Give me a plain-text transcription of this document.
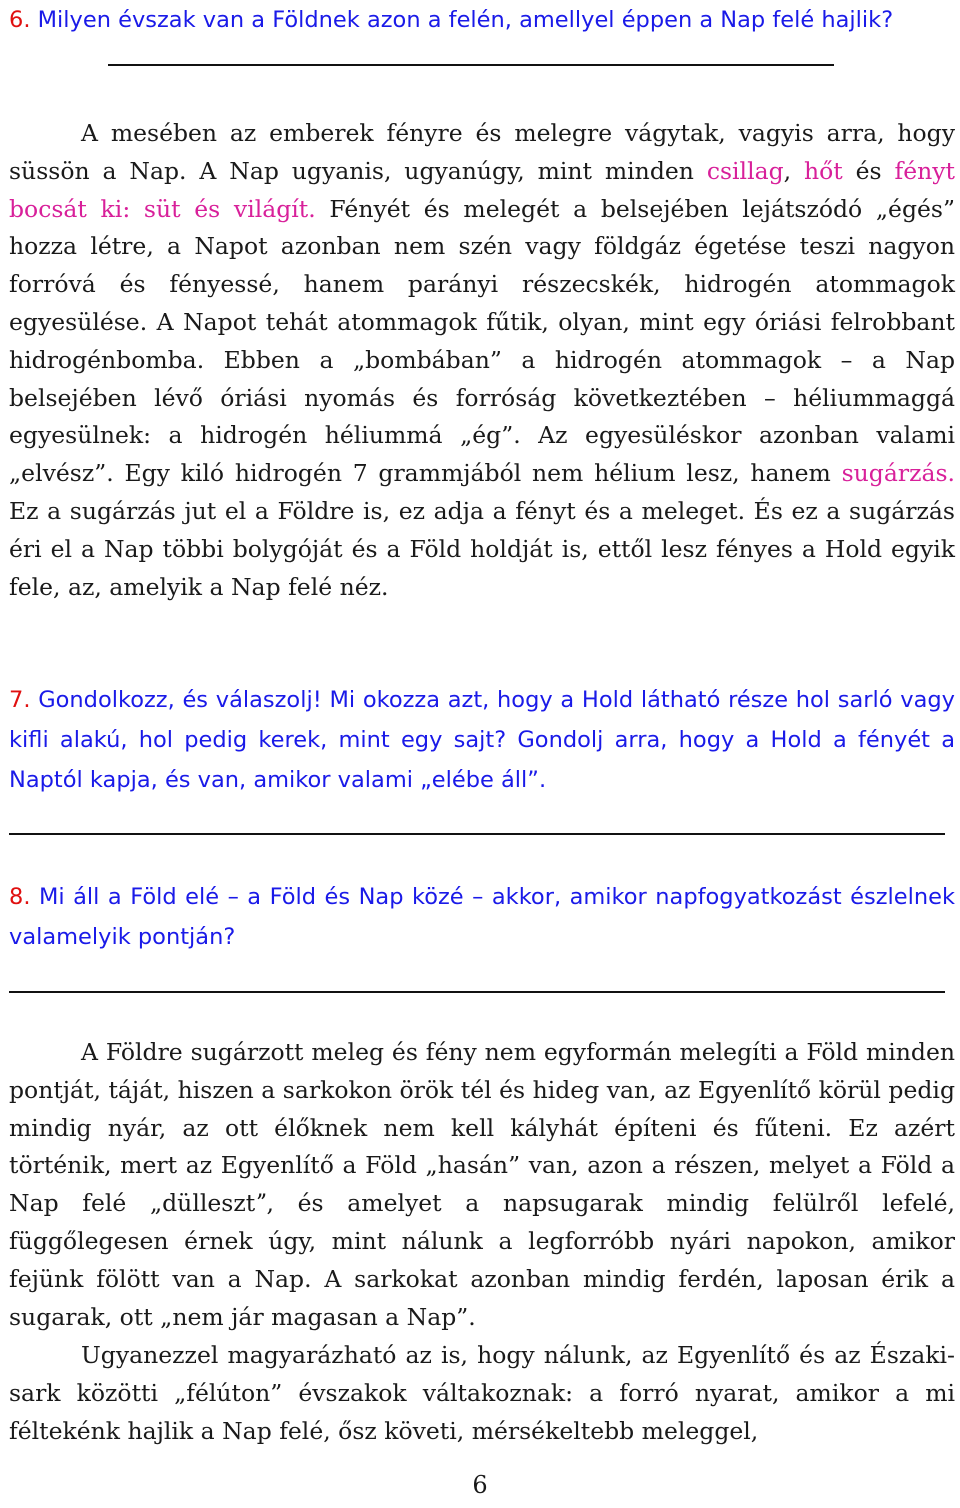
6. Milyen évszak van a Földnek azon a felén, amellyel éppen a Nap felé hajlik?

A mesében az emberek fényre és melegre vágytak, vagyis arra, hogy süssön a Nap. A Nap ugyanis, ugyanúgy, mint minden csillag, hőt és fényt bocsát ki: süt és világít. Fényét és melegét a belsejében lejátszódó „égés” hozza létre, a Napot azonban nem szén vagy földgáz égetése teszi nagyon forróvá és fényessé, hanem parányi részecskék, hidrogén atommagok egyesülése. A Napot tehát atommagok fűtik, olyan, mint egy óriási felrobbant hidrogénbomba. Ebben a „bombában” a hidrogén atommagok – a Nap belsejében lévő óriási nyomás és forróság következtében – héliummaggá egyesülnek: a hidrogén héliummá „ég”. Az egyesüléskor azonban valami „elvész”. Egy kiló hidrogén 7 grammjából nem hélium lesz, hanem sugárzás. Ez a sugárzás jut el a Földre is, ez adja a fényt és a meleget. És ez a sugárzás éri el a Nap többi bolygóját és a Föld holdját is, ettől lesz fényes a Hold egyik fele, az, amelyik a Nap felé néz.

7. Gondolkozz, és válaszolj! Mi okozza azt, hogy a Hold látható része hol sarló vagy kifli alakú, hol pedig kerek, mint egy sajt? Gondolj arra, hogy a Hold a fényét a Naptól kapja, és van, amikor valami „elébe áll”.

8. Mi áll a Föld elé – a Föld és Nap közé – akkor, amikor napfogyatkozást észlelnek valamelyik pontján?

A Földre sugárzott meleg és fény nem egyformán melegíti a Föld minden pontját, táját, hiszen a sarkokon örök tél és hideg van, az Egyenlítő körül pedig mindig nyár, az ott élőknek nem kell kályhát építeni és fűteni. Ez azért történik, mert az Egyenlítő a Föld „hasán” van, azon a részen, melyet a Föld a Nap felé „düllesztˮ, és amelyet a napsugarak mindig felülről lefelé, függőlegesen érnek úgy, mint nálunk a legforróbb nyári napokon, amikor fejünk fölött van a Nap. A sarkokat azonban mindig ferdén, laposan érik a sugarak, ott „nem jár magasan a Nap”.

Ugyanezzel magyarázható az is, hogy nálunk, az Egyenlítő és az Északi-sark közötti „félúton” évszakok váltakoznak: a forró nyarat, amikor a mi féltekénk hajlik a Nap felé, ősz követi, mérsékeltebb meleggel,

6
